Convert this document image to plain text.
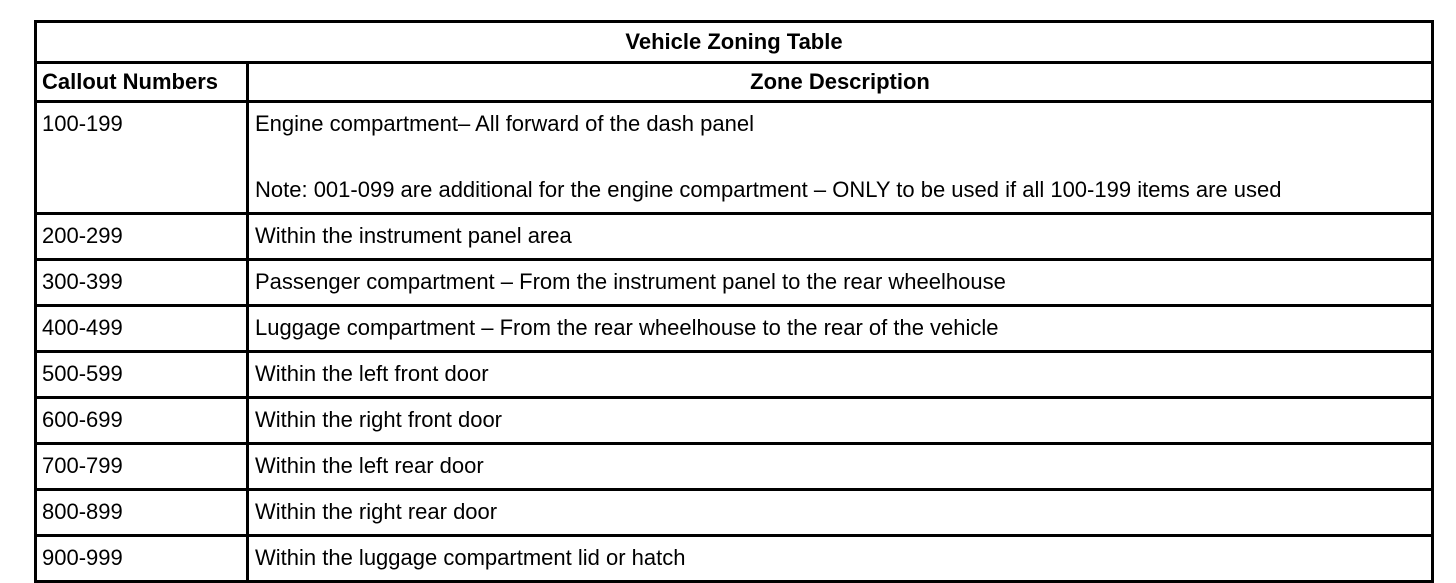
Vehicle Zoning Table	
Callout Numbers	Zone Description
100-199	Engine compartment– All forward of the dash panel
Note: 001-099 are additional for the engine compartment – ONLY to be used if all 100-199 items are used

200-299	Within the instrument panel area
300-399	Passenger compartment – From the instrument panel to the rear wheelhouse
400-499	Luggage compartment – From the rear wheelhouse to the rear of the vehicle
500-599	Within the left front door
600-699	Within the right front door
700-799	Within the left rear door
800-899	Within the right rear door
900-999	Within the luggage compartment lid or hatch
